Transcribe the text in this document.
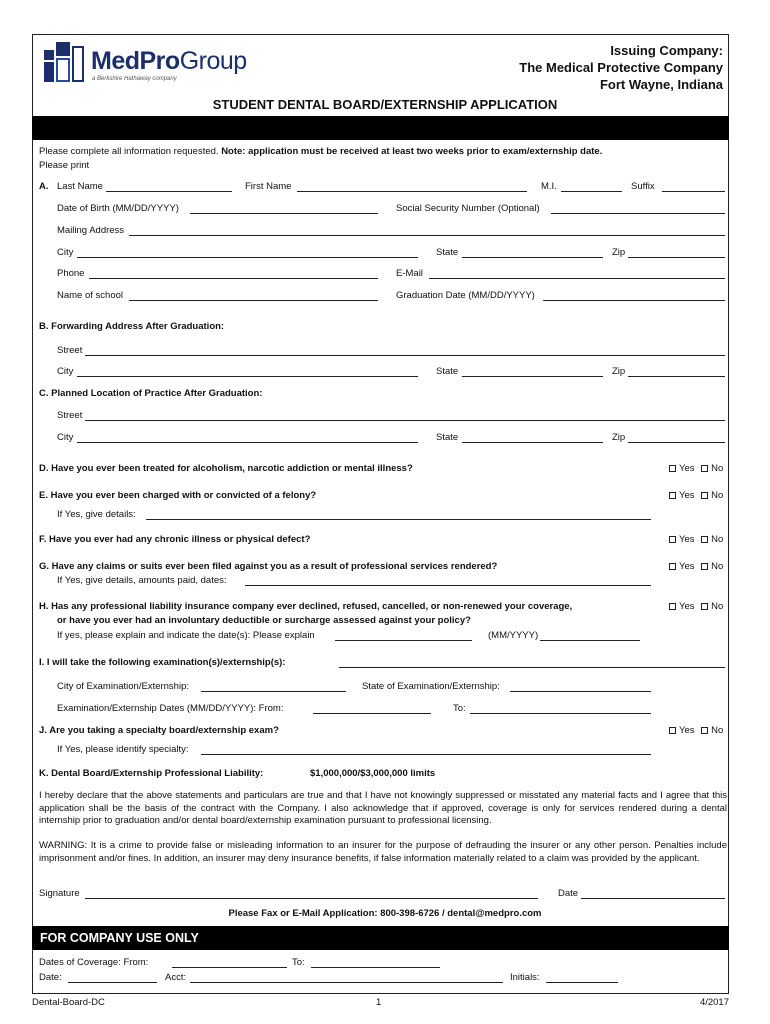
MedProGroup
a Berkshire Hathaway company
Issuing Company:
The Medical Protective Company
Fort Wayne, Indiana
STUDENT DENTAL BOARD/EXTERNSHIP APPLICATION
Please complete all information requested. Note: application must be received at least two weeks prior to exam/externship date.
Please print
A. Last Name	First Name	M.I.	Suffix
Date of Birth (MM/DD/YYYY)	Social Security Number (Optional)
Mailing Address
City	State	Zip
Phone	E-Mail
Name of school	Graduation Date (MM/DD/YYYY)
B. Forwarding Address After Graduation:
Street
City	State	Zip
C. Planned Location of Practice After Graduation:
Street
City	State	Zip
D. Have you ever been treated for alcoholism, narcotic addiction or mental illness?	Yes No
E. Have you ever been charged with or convicted of a felony?	Yes No
If Yes, give details:
F. Have you ever had any chronic illness or physical defect?	Yes No
G. Have any claims or suits ever been filed against you as a result of professional services rendered?	Yes No
If Yes, give details, amounts paid, dates:
H. Has any professional liability insurance company ever declined, refused, cancelled, or non-renewed your coverage,
or have you ever had an involuntary deductible or surcharge assessed against your policy?
Yes No
If yes, please explain and indicate the date(s): Please explain	(MM/YYYY)
I. I will take the following examination(s)/externship(s):
City of Examination/Externship:	State of Examination/Externship:
Examination/Externship Dates (MM/DD/YYYY): From:	To:
J. Are you taking a specialty board/externship exam?	Yes No
If Yes, please identify specialty:
K. Dental Board/Externship Professional Liability:	$1,000,000/$3,000,000 limits
I hereby declare that the above statements and particulars are true and that I have not knowingly suppressed or misstated any material facts and I agree that this application shall be the basis of the contract with the Company. I also acknowledge that if approved, coverage is only for services rendered during a dental internship prior to graduation and/or dental board/externship examination pursuant to professional licensing.
WARNING: It is a crime to provide false or misleading information to an insurer for the purpose of defrauding the insurer or any other person. Penalties include imprisonment and/or fines. In addition, an insurer may deny insurance benefits, if false information materially related to a claim was provided by the applicant.
Signature	Date
Please Fax or E-Mail Application: 800-398-6726 / dental@medpro.com
FOR COMPANY USE ONLY
Dates of Coverage: From:	To:
Date:	Acct:	Initials:
Dental-Board-DC	1	4/2017
